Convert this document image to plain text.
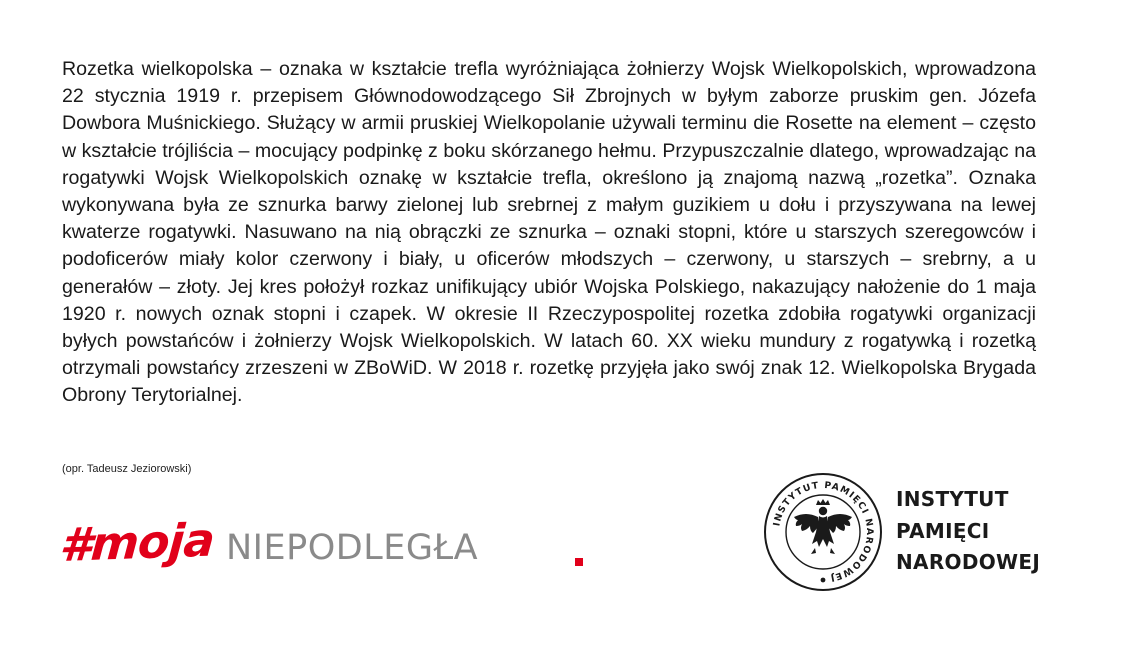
Rozetka wielkopolska – oznaka w kształcie trefla wyróżniająca żołnierzy Wojsk Wielkopolskich, wprowadzona 22 stycznia 1919 r. przepisem Głównodowodzącego Sił Zbrojnych w byłym zaborze pruskim gen. Józefa Dowbora Muśnickiego. Służący w armii pruskiej Wielkopolanie używali terminu die Rosette na element – często w kształcie trójliścia – mocujący podpinkę z boku skórzanego hełmu. Przypuszczalnie dlatego, wprowadzając na rogatywki Wojsk Wielkopolskich oznakę w kształcie trefla, określono ją znajomą nazwą „rozetka”. Oznaka wykonywana była ze sznurka barwy zielonej lub srebrnej z małym guzikiem u dołu i przyszywana na lewej kwaterze rogatywki. Nasuwano na nią obrączki ze sznurka – oznaki stopni, które u starszych szeregowców i podoficerów miały kolor czerwony i biały, u oficerów młodszych – czerwony, u starszych – srebrny, a u generałów – złoty. Jej kres położył rozkaz unifikujący ubiór Wojska Polskiego, nakazujący nałożenie do 1 maja 1920 r. nowych oznak stopni i czapek. W okresie II Rzeczypospolitej rozetka zdobiła rogatywki organizacji byłych powstańców i żołnierzy Wojsk Wielkopolskich. W latach 60. XX wieku mundury z rogatywką i rozetką otrzymali powstańcy zrzeszeni w ZBoWiD. W 2018 r. rozetkę przyjęła jako swój znak 12. Wielkopolska Brygada Obrony Terytorialnej.

(opr. Tadeusz Jeziorowski)
#mojа NIEPODLEGŁA
INSTYTUT PAMIĘCI NARODOWEJ
INSTYTUT
PAMIĘCI
NARODOWEJ
